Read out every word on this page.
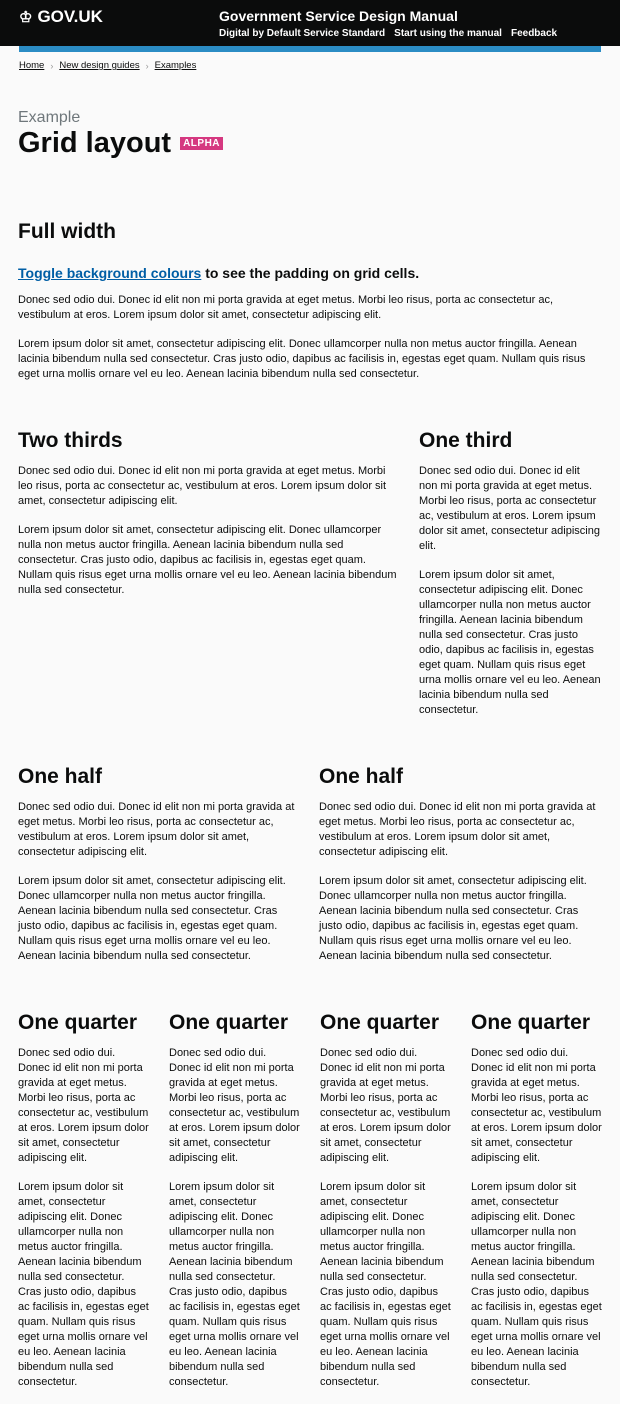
♔ GOV.UK	Government Service Design Manual
Digital by Default Service Standard Start using the manual Feedback
Home › New design guides › Examples
Example
Grid layout	ALPHA
Full width
Toggle background colours to see the padding on grid cells.

Donec sed odio dui. Donec id elit non mi porta gravida at eget metus. Morbi leo risus, porta ac consectetur ac, vestibulum at eros. Lorem ipsum dolor sit amet, consectetur adipiscing elit.

Lorem ipsum dolor sit amet, consectetur adipiscing elit. Donec ullamcorper nulla non metus auctor fringilla. Aenean lacinia bibendum nulla sed consectetur. Cras justo odio, dapibus ac facilisis in, egestas eget quam. Nullam quis risus eget urna mollis ornare vel eu leo. Aenean lacinia bibendum nulla sed consectetur.

Two thirds

Donec sed odio dui. Donec id elit non mi porta gravida at eget metus. Morbi leo risus, porta ac consectetur ac, vestibulum at eros. Lorem ipsum dolor sit amet, consectetur adipiscing elit.

Lorem ipsum dolor sit amet, consectetur adipiscing elit. Donec ullamcorper nulla non metus auctor fringilla. Aenean lacinia bibendum nulla sed consectetur. Cras justo odio, dapibus ac facilisis in, egestas eget quam. Nullam quis risus eget urna mollis ornare vel eu leo. Aenean lacinia bibendum nulla sed consectetur.

One third

Donec sed odio dui. Donec id elit non mi porta gravida at eget metus. Morbi leo risus, porta ac consectetur ac, vestibulum at eros. Lorem ipsum dolor sit amet, consectetur adipiscing elit.

Lorem ipsum dolor sit amet, consectetur adipiscing elit. Donec ullamcorper nulla non metus auctor fringilla. Aenean lacinia bibendum nulla sed consectetur. Cras justo odio, dapibus ac facilisis in, egestas eget quam. Nullam quis risus eget urna mollis ornare vel eu leo. Aenean lacinia bibendum nulla sed consectetur.

One half

Donec sed odio dui. Donec id elit non mi porta gravida at eget metus. Morbi leo risus, porta ac consectetur ac, vestibulum at eros. Lorem ipsum dolor sit amet, consectetur adipiscing elit.

Lorem ipsum dolor sit amet, consectetur adipiscing elit. Donec ullamcorper nulla non metus auctor fringilla. Aenean lacinia bibendum nulla sed consectetur. Cras justo odio, dapibus ac facilisis in, egestas eget quam. Nullam quis risus eget urna mollis ornare vel eu leo. Aenean lacinia bibendum nulla sed consectetur.

One half

Donec sed odio dui. Donec id elit non mi porta gravida at eget metus. Morbi leo risus, porta ac consectetur ac, vestibulum at eros. Lorem ipsum dolor sit amet, consectetur adipiscing elit.

Lorem ipsum dolor sit amet, consectetur adipiscing elit. Donec ullamcorper nulla non metus auctor fringilla. Aenean lacinia bibendum nulla sed consectetur. Cras justo odio, dapibus ac facilisis in, egestas eget quam. Nullam quis risus eget urna mollis ornare vel eu leo. Aenean lacinia bibendum nulla sed consectetur.

One quarter

Donec sed odio dui. Donec id elit non mi porta gravida at eget metus. Morbi leo risus, porta ac consectetur ac, vestibulum at eros. Lorem ipsum dolor sit amet, consectetur adipiscing elit.

Lorem ipsum dolor sit amet, consectetur adipiscing elit. Donec ullamcorper nulla non metus auctor fringilla. Aenean lacinia bibendum nulla sed consectetur. Cras justo odio, dapibus ac facilisis in, egestas eget quam. Nullam quis risus eget urna mollis ornare vel eu leo. Aenean lacinia bibendum nulla sed consectetur.

One quarter

Donec sed odio dui. Donec id elit non mi porta gravida at eget metus. Morbi leo risus, porta ac consectetur ac, vestibulum at eros. Lorem ipsum dolor sit amet, consectetur adipiscing elit.

Lorem ipsum dolor sit amet, consectetur adipiscing elit. Donec ullamcorper nulla non metus auctor fringilla. Aenean lacinia bibendum nulla sed consectetur. Cras justo odio, dapibus ac facilisis in, egestas eget quam. Nullam quis risus eget urna mollis ornare vel eu leo. Aenean lacinia bibendum nulla sed consectetur.

One quarter

Donec sed odio dui. Donec id elit non mi porta gravida at eget metus. Morbi leo risus, porta ac consectetur ac, vestibulum at eros. Lorem ipsum dolor sit amet, consectetur adipiscing elit.

Lorem ipsum dolor sit amet, consectetur adipiscing elit. Donec ullamcorper nulla non metus auctor fringilla. Aenean lacinia bibendum nulla sed consectetur. Cras justo odio, dapibus ac facilisis in, egestas eget quam. Nullam quis risus eget urna mollis ornare vel eu leo. Aenean lacinia bibendum nulla sed consectetur.

One quarter

Donec sed odio dui. Donec id elit non mi porta gravida at eget metus. Morbi leo risus, porta ac consectetur ac, vestibulum at eros. Lorem ipsum dolor sit amet, consectetur adipiscing elit.

Lorem ipsum dolor sit amet, consectetur adipiscing elit. Donec ullamcorper nulla non metus auctor fringilla. Aenean lacinia bibendum nulla sed consectetur. Cras justo odio, dapibus ac facilisis in, egestas eget quam. Nullam quis risus eget urna mollis ornare vel eu leo. Aenean lacinia bibendum nulla sed consectetur.
